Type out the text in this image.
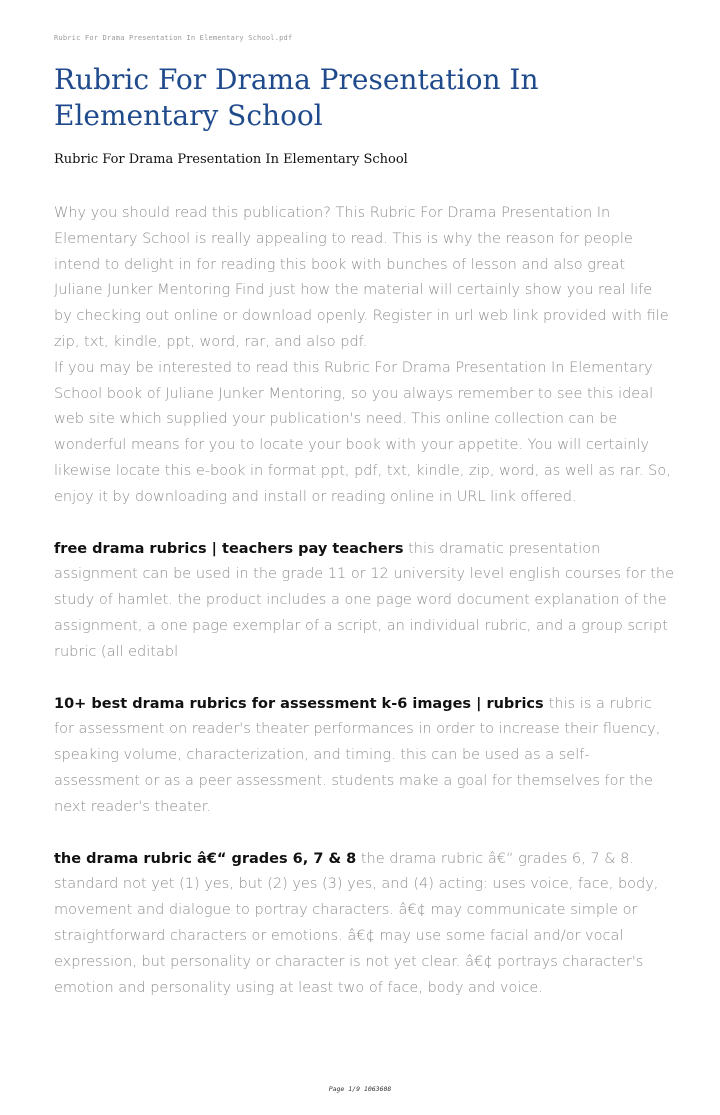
Rubric For Drama Presentation In Elementary School.pdf
Rubric For Drama Presentation In Elementary School
Rubric For Drama Presentation In Elementary School

Why you should read this publication? This Rubric For Drama Presentation In Elementary School is really appealing to read. This is why the reason for people intend to delight in for reading this book with bunches of lesson and also great Juliane Junker Mentoring Find just how the material will certainly show you real life by checking out online or download openly. Register in url web link provided with file zip, txt, kindle, ppt, word, rar, and also pdf.

If you may be interested to read this Rubric For Drama Presentation In Elementary School book of Juliane Junker Mentoring, so you always remember to see this ideal web site which supplied your publication's need. This online collection can be wonderful means for you to locate your book with your appetite. You will certainly likewise locate this e-book in format ppt, pdf, txt, kindle, zip, word, as well as rar. So, enjoy it by downloading and install or reading online in URL link offered.

free drama rubrics | teachers pay teachers this dramatic presentation assignment can be used in the grade 11 or 12 university level english courses for the study of hamlet. the product includes a one page word document explanation of the assignment, a one page exemplar of a script, an individual rubric, and a group script rubric (all editabl

10+ best drama rubrics for assessment k-6 images | rubrics this is a rubric for assessment on reader's theater performances in order to increase their fluency, speaking volume, characterization, and timing. this can be used as a self-assessment or as a peer assessment. students make a goal for themselves for the next reader's theater.

the drama rubric â€“ grades 6, 7 & 8 the drama rubric â€“ grades 6, 7 & 8. standard not yet (1) yes, but (2) yes (3) yes, and (4) acting: uses voice, face, body, movement and dialogue to portray characters. â€¢ may communicate simple or straightforward characters or emotions. â€¢ may use some facial and/or vocal expression, but personality or character is not yet clear. â€¢ portrays character's emotion and personality using at least two of face, body and voice.

Page 1/9 1063608
